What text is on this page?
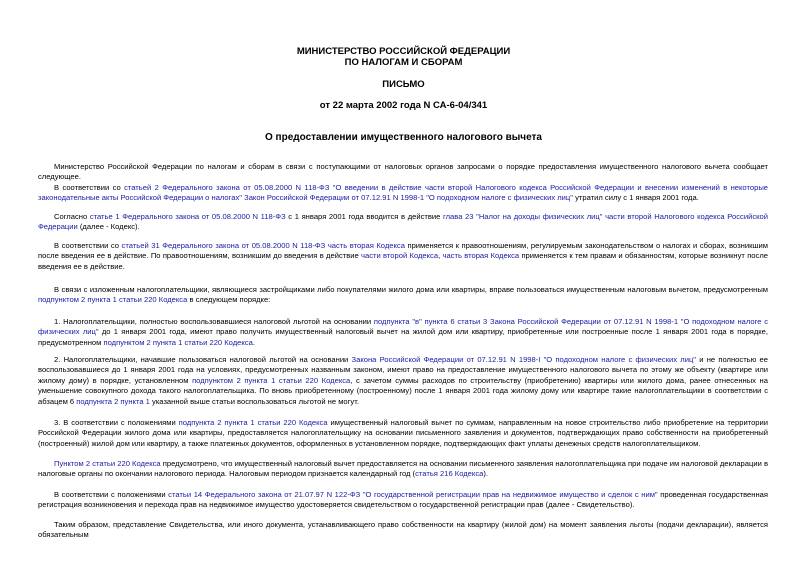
МИНИСТЕРСТВО РОССИЙСКОЙ ФЕДЕРАЦИИ
ПО НАЛОГАМ И СБОРАМ
ПИСЬМО
от 22 марта 2002 года N СА-6-04/341
О предоставлении имущественного налогового вычета

Министерство Российской Федерации по налогам и сборам в связи с поступающими от налоговых органов запросами о порядке предоставления имущественного налогового вычета сообщает следующее.

В соответствии со статьей 2 Федерального закона от 05.08.2000 N 118-ФЗ "О введении в действие части второй Налогового кодекса Российской Федерации и внесении изменений в некоторые законодательные акты Российской Федерации о налогах" Закон Российской Федерации от 07.12.91 N 1998-1 "О подоходном налоге с физических лиц" утратил силу с 1 января 2001 года.

Согласно статье 1 Федерального закона от 05.08.2000 N 118-ФЗ с 1 января 2001 года вводится в действие глава 23 "Налог на доходы физических лиц" части второй Налогового кодекса Российской Федерации (далее - Кодекс).

В соответствии со статьей 31 Федерального закона от 05.08.2000 N 118-ФЗ часть вторая Кодекса применяется к правоотношениям, регулируемым законодательством о налогах и сборах, возникшим после введения ее в действие. По правоотношениям, возникшим до введения в действие части второй Кодекса, часть вторая Кодекса применяется к тем правам и обязанностям, которые возникнут после введения ее в действие.

В связи с изложенным налогоплательщики, являющиеся застройщиками либо покупателями жилого дома или квартиры, вправе пользоваться имущественным налоговым вычетом, предусмотренным подпунктом 2 пункта 1 статьи 220 Кодекса в следующем порядке:

1. Налогоплательщики, полностью воспользовавшиеся налоговой льготой на основании подпункта "в" пункта 6 статьи 3 Закона Российской Федерации от 07.12.91 N 1998-1 "О подоходном налоге с физических лиц" до 1 января 2001 года, имеют право получить имущественный налоговый вычет на жилой дом или квартиру, приобретенные или построенные после 1 января 2001 года в порядке, предусмотренном подпунктом 2 пункта 1 статьи 220 Кодекса.

2. Налогоплательщики, начавшие пользоваться налоговой льготой на основании Закона Российской Федерации от 07.12.91 N 1998-I "О подоходном налоге с физических лиц" и не полностью ее воспользовавшиеся до 1 января 2001 года на условиях, предусмотренных названным законом, имеют право на предоставление имущественного налогового вычета по этому же объекту (квартире или жилому дому) в порядке, установленном подпунктом 2 пункта 1 статьи 220 Кодекса, с зачетом суммы расходов по строительству (приобретению) квартиры или жилого дома, ранее отнесенных на уменьшение совокупного дохода такого налогоплательщика. По вновь приобретенному (построенному) после 1 января 2001 года жилому дому или квартире такие налогоплательщики в соответствии с абзацем 6 подпункта 2 пункта 1 указанной выше статьи воспользоваться льготой не могут.

3. В соответствии с положениями подпункта 2 пункта 1 статьи 220 Кодекса имущественный налоговый вычет по суммам, направленным на новое строительство либо приобретение на территории Российской Федерации жилого дома или квартиры, предоставляется налогоплательщику на основании письменного заявления и документов, подтверждающих право собственности на приобретенный (построенный) жилой дом или квартиру, а также платежных документов, оформленных в установленном порядке, подтверждающих факт уплаты денежных средств налогоплательщиком.

Пунктом 2 статьи 220 Кодекса предусмотрено, что имущественный налоговый вычет предоставляется на основании письменного заявления налогоплательщика при подаче им налоговой декларации в налоговые органы по окончании налогового периода. Налоговым периодом признается календарный год (статья 216 Кодекса).

В соответствии с положениями статьи 14 Федерального закона от 21.07.97 N 122-ФЗ "О государственной регистрации прав на недвижимое имущество и сделок с ним" проведенная государственная регистрация возникновения и перехода прав на недвижимое имущество удостоверяется свидетельством о государственной регистрации прав (далее - Свидетельство).

Таким образом, представление Свидетельства, или иного документа, устанавливающего право собственности на квартиру (жилой дом) на момент заявления льготы (подачи декларации), является обязательным
